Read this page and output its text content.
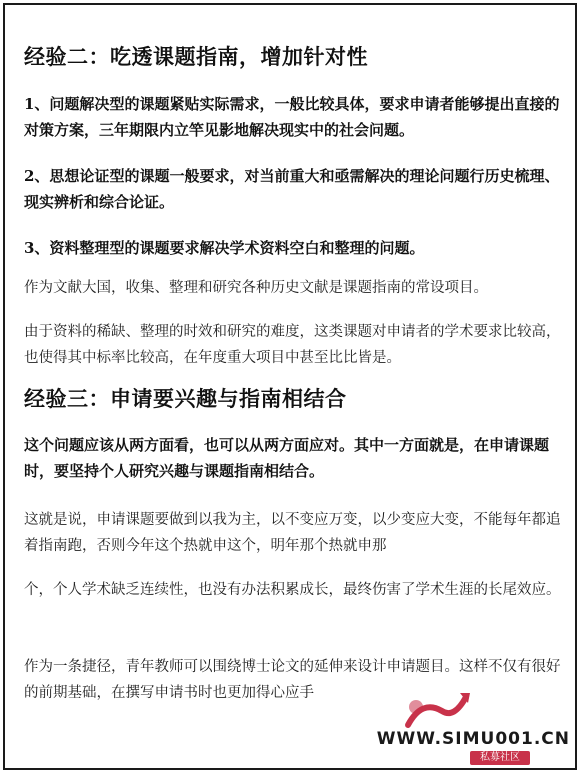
经验二：吃透课题指南，增加针对性

1、问题解决型的课题紧贴实际需求，一般比较具体，要求申请者能够提出直接的对策方案，三年期限内立竿见影地解决现实中的社会问题。

2、思想论证型的课题一般要求，对当前重大和亟需解决的理论问题行历史梳理、现实辨析和综合论证。

3、资料整理型的课题要求解决学术资料空白和整理的问题。

作为文献大国，收集、整理和研究各种历史文献是课题指南的常设项目。

由于资料的稀缺、整理的时效和研究的难度，这类课题对申请者的学术要求比较高，也使得其中标率比较高，在年度重大项目中甚至比比皆是。

经验三：申请要兴趣与指南相结合

这个问题应该从两方面看，也可以从两方面应对。其中一方面就是，在申请课题时，要坚持个人研究兴趣与课题指南相结合。

这就是说，申请课题要做到以我为主，以不变应万变，以少变应大变，不能每年都追着指南跑，否则今年这个热就申这个，明年那个热就申那

个，个人学术缺乏连续性，也没有办法积累成长，最终伤害了学术生涯的长尾效应。

作为一条捷径，青年教师可以围绕博士论文的延伸来设计申请题目。这样不仅有很好的前期基础，在撰写申请书时也更加得心应手

WWW.SIMU001.CN
私募社区
